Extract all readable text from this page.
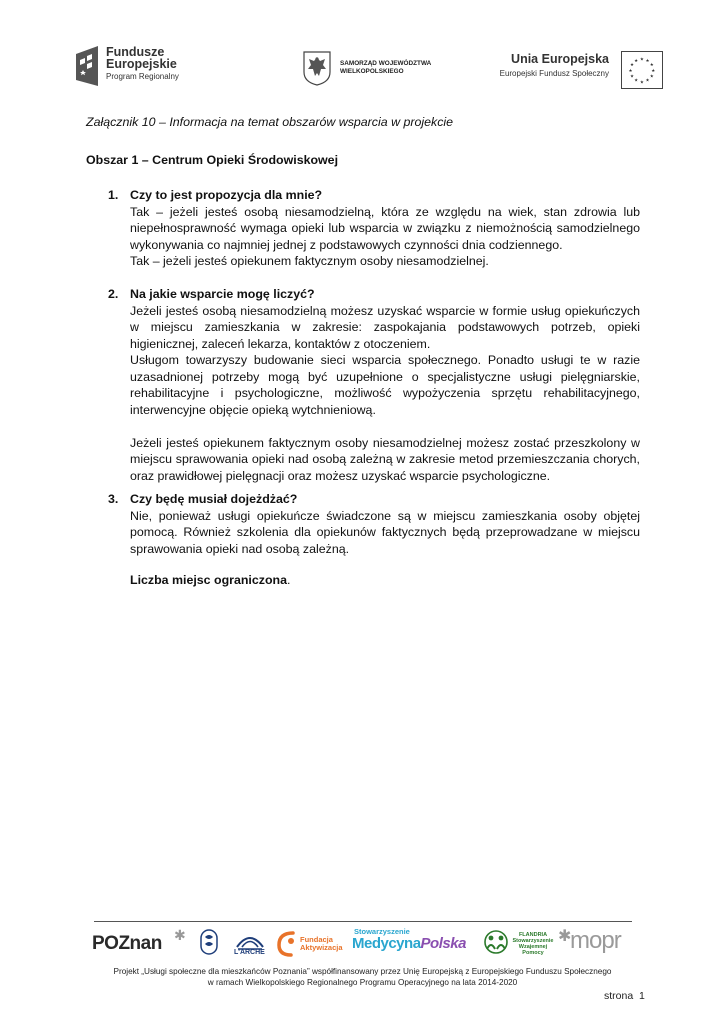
Fundusze
Europejskie
Program Regionalny
SAMORZĄD WOJEWÓDZTWA
WIELKOPOLSKIEGO
Unia Europejska
Europejski Fundusz Społeczny
★ ★
★
★
★
★
★
★
★
★
★
★
Załącznik 10 – Informacja na temat obszarów wsparcia w projekcie
Obszar 1 – Centrum Opieki Środowiskowej
1. Czy to jest propozycja dla mnie?

Tak – jeżeli jesteś osobą niesamodzielną, która ze względu na wiek, stan zdrowia lub niepełnosprawność wymaga opieki lub wsparcia w związku z niemożnością samodzielnego wykonywania co najmniej jednej z podstawowych czynności dnia codziennego.

Tak – jeżeli jesteś opiekunem faktycznym osoby niesamodzielnej.

2. Na jakie wsparcie mogę liczyć?

Jeżeli jesteś osobą niesamodzielną możesz uzyskać wsparcie w formie usług opiekuńczych w miejscu zamieszkania w zakresie: zaspokajania podstawowych potrzeb, opieki higienicznej, zaleceń lekarza, kontaktów z otoczeniem.

Usługom towarzyszy budowanie sieci wsparcia społecznego. Ponadto usługi te w razie uzasadnionej potrzeby mogą być uzupełnione o specjalistyczne usługi pielęgniarskie, rehabilitacyjne i psychologiczne, możliwość wypożyczenia sprzętu rehabilitacyjnego, interwencyjne objęcie opieką wytchnieniową.

Jeżeli jesteś opiekunem faktycznym osoby niesamodzielnej możesz zostać przeszkolony w miejscu sprawowania opieki nad osobą zależną w zakresie metod przemieszczania chorych, oraz prawidłowej pielęgnacji oraz możesz uzyskać wsparcie psychologiczne.

3. Czy będę musiał dojeżdżać?

Nie, ponieważ usługi opiekuńcze świadczone są w miejscu zamieszkania osoby objętej pomocą. Również szkolenia dla opiekunów faktycznych będą przeprowadzane w miejscu sprawowania opieki nad osobą zależną.

Liczba miejsc ograniczona.
POZnan ✱
L'ARCHE
Fundacja
Aktywizacja
Stowarzyszenie
MedycynaPolska	FLANDRIA
Stowarzyszenie
Wzajemnej Pomocy
✱
mopr
Projekt „Usługi społeczne dla mieszkańców Poznania” współfinansowany przez Unię Europejską z Europejskiego Funduszu Społecznego
w ramach Wielkopolskiego Regionalnego Programu Operacyjnego na lata 2014-2020
strona 1
